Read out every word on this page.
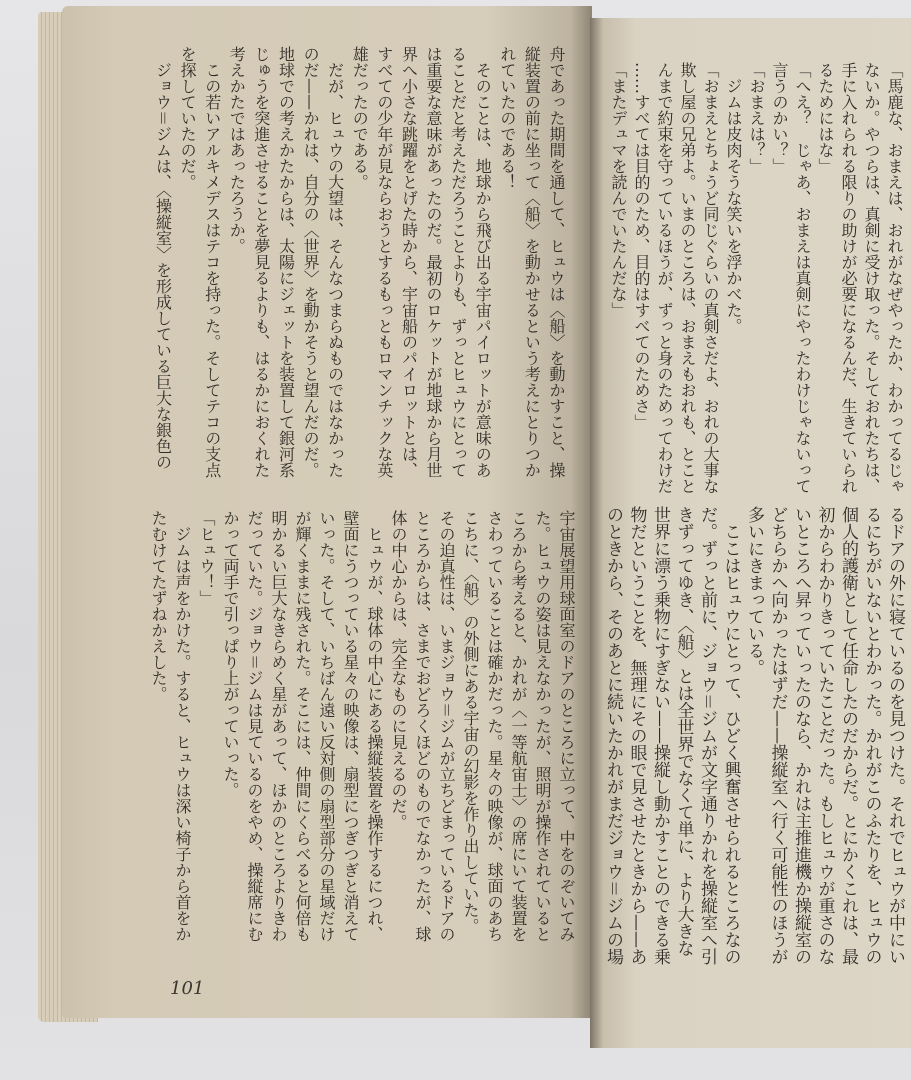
舟であった期間を通して、ヒュウは〈船〉を動かすこと、操
縦装置の前に坐って〈船〉を動かせるという考えにとりつか
れていたのである！
　そのことは、地球から飛び出る宇宙パイロットが意味のあ
ることだと考えただろうことよりも、ずっとヒュウにとって
は重要な意味があったのだ。最初のロケットが地球から月世
界へ小さな跳躍をとげた時から、宇宙船のパイロットとは、
すべての少年が見ならおうとするもっともロマンチックな英
雄だったのである。
　だが、ヒュウの大望は、そんなつまらぬものではなかった
のだ——かれは、自分の〈世界〉を動かそうと望んだのだ。
地球での考えかたからは、太陽にジェットを装置して銀河系
じゅうを突進させることを夢見るよりも、はるかにおくれた
考えかたではあったろうか。
　この若いアルキメデスはテコを持った。そしてテコの支点
を探していたのだ。
　ジョウ＝ジムは、〈操縦室〉を形成している巨大な銀色の
宇宙展望用球面室のドアのところに立って、中をのぞいてみ
た。ヒュウの姿は見えなかったが、照明が操作されていると
ころから考えると、かれが〈一等航宙士〉の席にいて装置を
さわっていることは確かだった。星々の映像が、球面のあち
こちに、〈船〉の外側にある宇宙の幻影を作り出していた。
その迫真性は、いまジョウ＝ジムが立ちどまっているドアの
ところからは、さまでおどろくほどのものでなかったが、球
体の中心からは、完全なものに見えるのだ。
　ヒュウが、球体の中心にある操縦装置を操作するにつれ、
壁面にうつっている星々の映像は、扇型につぎつぎと消えて
いった。そして、いちばん遠い反対側の扇型部分の星域だけ
が輝くままに残された。そこには、仲間にくらべると何倍も
明かるい巨大なきらめく星があって、ほかのところよりきわ
だっていた。ジョウ＝ジムは見ているのをやめ、操縦席にむ
かって両手で引っぱり上がっていった。
「ヒュウ！」
　ジムは声をかけた。すると、ヒュウは深い椅子から首をか
たむけてたずねかえした。
「馬鹿な、おまえは、おれがなぜやったか、わかってるじゃ
ないか。やつらは、真剣に受け取った。そしておれたちは、
手に入れられる限りの助けが必要になるんだ、生きていられ
るためにはな」
「へえ？　じゃあ、おまえは真剣にやったわけじゃないって
言うのかい？」
「おまえは？」
　ジムは皮肉そうな笑いを浮かべた。
「おまえとちょうど同じぐらいの真剣さだよ、おれの大事な
欺し屋の兄弟よ。いまのところは、おまえもおれも、とこと
んまで約束を守っているほうが、ずっと身のためってわけだ
……すべては目的のため、目的はすべてのためさ」
「またデュマを読んでいたんだな」
るドアの外に寝ているのを見つけた。それでヒュウが中にい
るにちがいないとわかった。かれがこのふたりを、ヒュウの
個人的護衛として任命したのだからだ。とにかくこれは、最
初からわかりきっていたことだった。もしヒュウが重さのな
いところへ昇っていったのなら、かれは主推進機か操縦室の
どちらかへ向かったはずだ——操縦室へ行く可能性のほうが
多いにきまっている。
　ここはヒュウにとって、ひどく興奮させられるところなの
だ。ずっと前に、ジョウ＝ジムが文字通りかれを操縦室へ引
きずってゆき、〈船〉とは全世界でなくて単に、より大きな
世界に漂う乗物にすぎない——操縦し動かすことのできる乗
物だということを、無理にその眼で見させたときから——あ
のときから、そのあとに続いたかれがまだジョウ＝ジムの場
101
